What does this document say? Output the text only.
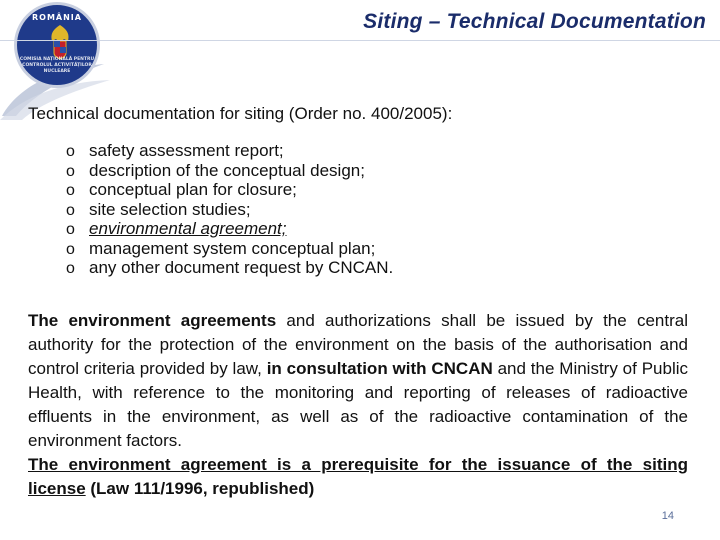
ROMÂNIA
COMISIA NAȚIONALĂ PENTRU CONTROLUL ACTIVITĂȚILOR NUCLEARE
Siting – Technical Documentation
Technical documentation for siting (Order no. 400/2005):
o safety assessment report;
o description of the conceptual design;
o conceptual plan for closure;
o site selection studies;
o environmental agreement;
o management system conceptual plan;
o any other document request by CNCAN.

The environment agreements and authorizations shall be issued by the central authority for the protection of the environment on the basis of the authorisation and control criteria provided by law, in consultation with CNCAN and the Ministry of Public Health, with reference to the monitoring and reporting of releases of radioactive effluents in the environment, as well as of the radioactive contamination of the environment factors.
The environment agreement is a prerequisite for the issuance of the siting license (Law 111/1996, republished)

14
